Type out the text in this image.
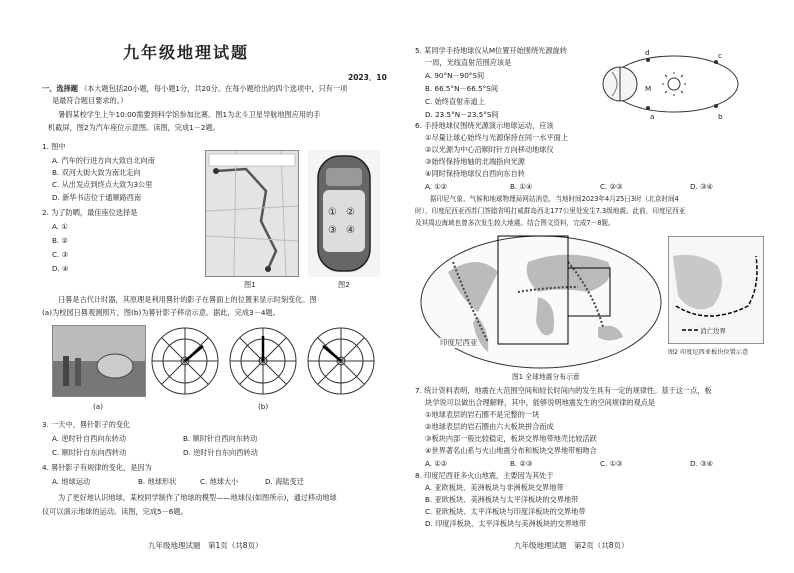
九年级地理试题
2023．10
一、选择题 （本大题包括20小题，每小题1分，共20分。在每小题给出的四个选项中，只有一项
是最符合题目要求的。）
暑假某校学生上午10:00需要到科学馆参加比赛。图1为北斗卫星导航地图应用的手
机截屏，图2为汽车座位示意图。读图，完成1－2题。
1. 图中
A. 汽车的行进方向大致自北向南
B. 双河大街大致为南北走向
C. 从出发点到终点大致为3公里
D. 新华书店位于通顺路西南
2. 为了防晒，最佳座位选择是
A. ①
B. ②
C. ③
D. ④
图1
① ②
③ ④
图2
日晷是古代计时器，其原理是利用晷针的影子在晷面上的位置来显示时刻变化。图
(a)为校园日晷观测照片，图(b)为晷针影子移动示意。据此，完成3－4题。
(a)	(b)
3. 一天中，晷针影子的变化
A. 逆时针自西向东转动	B. 顺时针自西向东转动
C. 顺时针自东向西转动	D. 逆时针自东向西转动
4. 晷针影子有规律的变化，是因为
A. 地球运动	B. 地球形状	C. 地球大小	D. 海陆变迁
为了更好地认识地球，某校同学制作了地球的模型——地球仪(如图所示)，通过移动地球
仪可以演示地球的运动。读图，完成5－6题。
九年级地理试题　第1页（共8页）
5. 某同学手持地球仪从M位置开始围绕光源旋转
一周，光线直射范围应该是
A. 90°N－90°S间
B. 66.5°N－66.5°S间
C. 始终直射赤道上
D. 23.5°N－23.5°S间
d	c
b
a
M
6. 手持地球仪围绕光源演示地球运动，应该
①尽量让球心始终与光源保持在同一水平面上
②以光源为中心沿顺时针方向移动地球仪
③始终保持地轴的北端指向光源
④同时保持地球仪自西向东自转
A. ①②	B. ①④	C. ②③	D. ③④
据印尼气象、气候和地球物理局网站消息，当地时间2023年4月25日3时（北京时间4
时），印度尼西亚西苏门答腊省明打威群岛西北177公里处发生7.3级地震。此前，印度尼西亚
及其周边海域也曾多次发生较大地震。结合图文资料，完成7－8题。
印度尼西亚
图1 全球地震分布示意
消亡边界
图2 印度尼西亚板块位置示意
7. 统计资料表明，地震在大范围空间和较长时间内的发生具有一定的规律性。基于这一点，板
块学说可以做出合理解释，其中，能够说明地震发生的空间规律的观点是
①地球表层的岩石圈不是完整的一块
②地球表层的岩石圈由六大板块拼合而成
③板块内部一般比较稳定，板块交界地带地壳比较活跃
④世界著名山系与火山地震分布和板块交界地带相吻合
A. ①②	B. ②③	C. ①③	D. ③④
8. 印度尼西亚多火山地震，主要因为其处于
A. 亚欧板块、美洲板块与非洲板块交界地带
B. 亚欧板块、美洲板块与太平洋板块的交界地带
C. 亚欧板块、太平洋板块与印度洋板块的交界地带
D. 印度洋板块、太平洋板块与美洲板块的交界地带
九年级地理试题　第2页（共8页）
